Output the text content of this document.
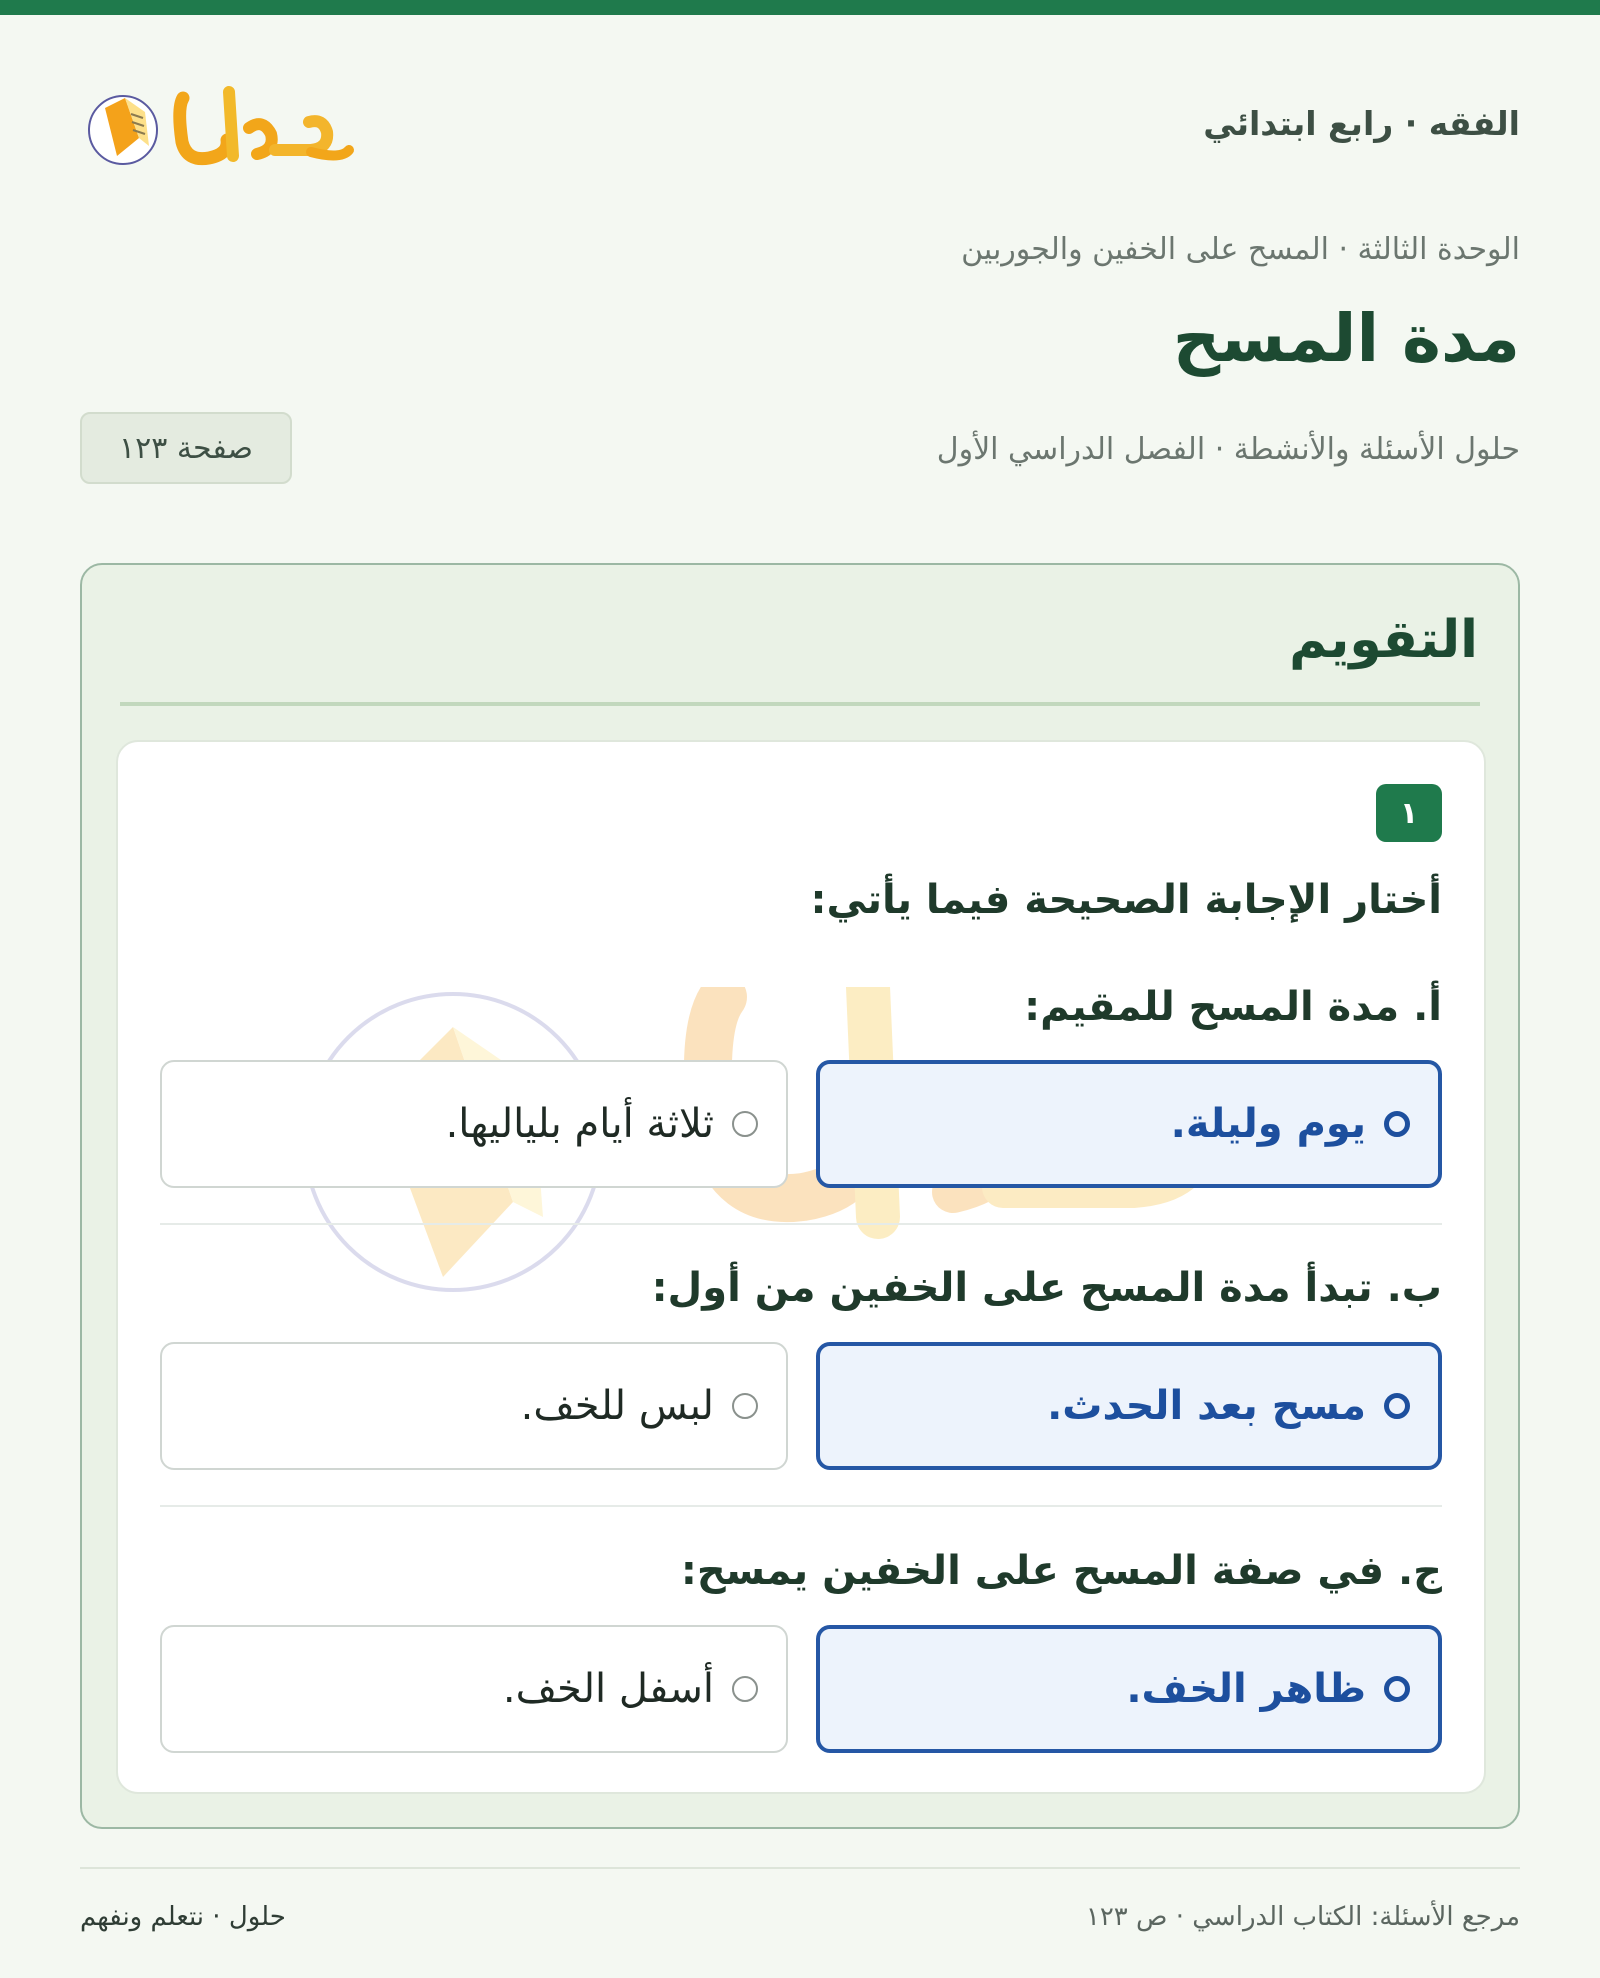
الفقه · رابع ابتدائي
الوحدة الثالثة · المسح على الخفين والجوربين
مدة المسح
حلول الأسئلة والأنشطة · الفصل الدراسي الأول
صفحة ١٢٣
التقويم
١
أختار الإجابة الصحيحة فيما يأتي:
أ. مدة المسح للمقيم:
يوم وليلة.
ثلاثة أيام بلياليها.
ب. تبدأ مدة المسح على الخفين من أول:
مسح بعد الحدث.
لبس للخف.
ج. في صفة المسح على الخفين يمسح:
ظاهر الخف.
أسفل الخف.
مرجع الأسئلة: الكتاب الدراسي · ص ١٢٣
حلول · نتعلم ونفهم
